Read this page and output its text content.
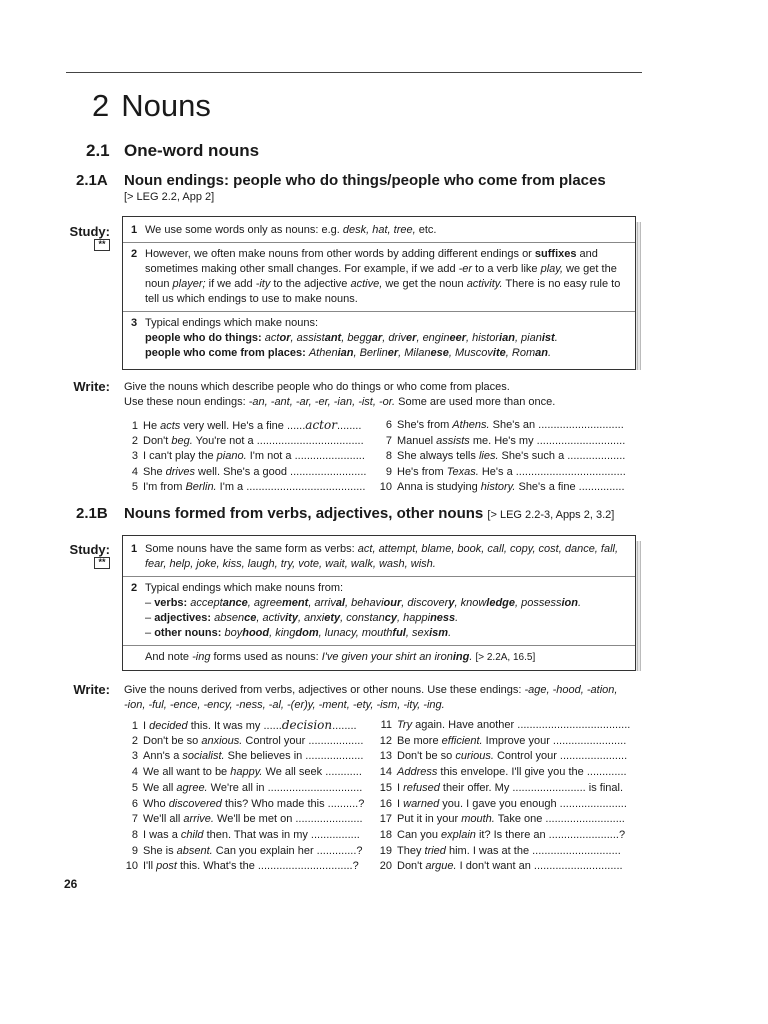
2 Nouns
2.1 One-word nouns
2.1A Noun endings: people who do things/people who come from places
[> LEG 2.2, App 2]
Study:
**

1 We use some words only as nouns: e.g. desk, hat, tree, etc.

2 However, we often make nouns from other words by adding different endings or suffixes and sometimes making other small changes. For example, if we add -er to a verb like play, we get the noun player; if we add -ity to the adjective active, we get the noun activity. There is no easy rule to tell us which endings to use to make nouns.

3 Typical endings which make nouns:
people who do things: actor, assistant, beggar, driver, engineer, historian, pianist.
people who come from places: Athenian, Berliner, Milanese, Muscovite, Roman.

Write: Give the nouns which describe people who do things or who come from places.
Use these noun endings: -an, -ant, -ar, -er, -ian, -ist, -or. Some are used more than once.
1 He acts very well. He's a fine ......actor........
2 Don't beg. You're not a ...................................
3 I can't play the piano. I'm not a .......................
4 She drives well. She's a good .........................
5 I'm from Berlin. I'm a .......................................
6 She's from Athens. She's an ............................
7 Manuel assists me. He's my .............................
8 She always tells lies. She's such a ...................
9 He's from Texas. He's a ....................................
10 Anna is studying history. She's a fine ...............
2.1B Nouns formed from verbs, adjectives, other nouns [> LEG 2.2-3, Apps 2, 3.2]
Study:
**

1 Some nouns have the same form as verbs: act, attempt, blame, book, call, copy, cost, dance, fall, fear, help, joke, kiss, laugh, try, vote, wait, walk, wash, wish.

2 Typical endings which make nouns from:
– verbs: acceptance, agreement, arrival, behaviour, discovery, knowledge, possession.
– adjectives: absence, activity, anxiety, constancy, happiness.
– other nouns: boyhood, kingdom, lunacy, mouthful, sexism.

And note -ing forms used as nouns: I've given your shirt an ironing. [> 2.2A, 16.5]

Write: Give the nouns derived from verbs, adjectives or other nouns. Use these endings: -age, -hood, -ation,
-ion, -ful, -ence, -ency, -ness, -al, -(er)y, -ment, -ety, -ism, -ity, -ing.
1 I decided this. It was my ......decision........
2 Don't be so anxious. Control your ..................
3 Ann's a socialist. She believes in ...................
4 We all want to be happy. We all seek ............
5 We all agree. We're all in ...............................
6 Who discovered this? Who made this ..........?
7 We'll all arrive. We'll be met on ......................
8 I was a child then. That was in my ................
9 She is absent. Can you explain her .............?
10 I'll post this. What's the ...............................?
11 Try again. Have another .....................................
12 Be more efficient. Improve your ........................
13 Don't be so curious. Control your ......................
14 Address this envelope. I'll give you the .............
15 I refused their offer. My ........................ is final.
16 I warned you. I gave you enough ......................
17 Put it in your mouth. Take one ..........................
18 Can you explain it? Is there an .......................?
19 They tried him. I was at the .............................
20 Don't argue. I don't want an .............................
26
